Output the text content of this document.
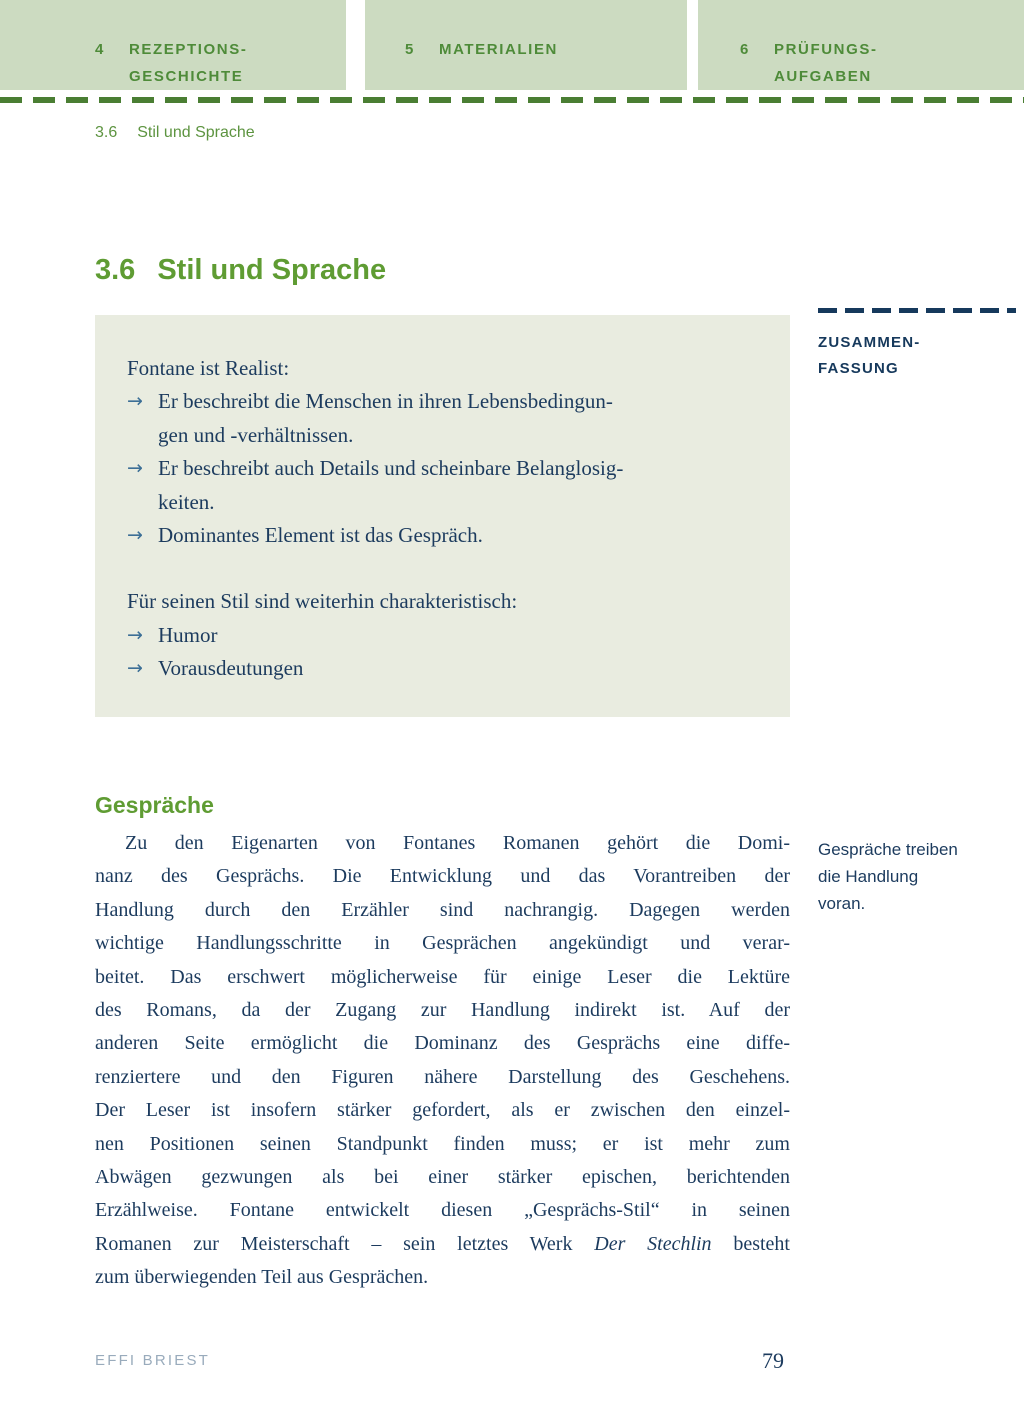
4	REZEPTIONS-
GESCHICHTE
5	MATERIALIEN	6	PRÜFUNGS-
AUFGABEN
3.6 Stil und Sprache
3.6 Stil und Sprache
Fontane ist Realist:
→ Er beschreibt die Menschen in ihren Lebensbedingun-
gen und -verhältnissen.
→ Er beschreibt auch Details und scheinbare Belanglosig-
keiten.
→ Dominantes Element ist das Gespräch.
Für seinen Stil sind weiterhin charakteristisch:
→ Humor
→ Vorausdeutungen
ZUSAMMEN-
FASSUNG
Gespräche
Zu den Eigenarten von Fontanes Romanen gehört die Domi-
nanz des Gesprächs. Die Entwicklung und das Vorantreiben der
Handlung durch den Erzähler sind nachrangig. Dagegen werden
wichtige Handlungsschritte in Gesprächen angekündigt und verar-
beitet. Das erschwert möglicherweise für einige Leser die Lektüre
des Romans, da der Zugang zur Handlung indirekt ist. Auf der
anderen Seite ermöglicht die Dominanz des Gesprächs eine diffe-
renziertere und den Figuren nähere Darstellung des Geschehens.
Der Leser ist insofern stärker gefordert, als er zwischen den einzel-
nen Positionen seinen Standpunkt finden muss; er ist mehr zum
Abwägen gezwungen als bei einer stärker epischen, berichtenden
Erzählweise. Fontane entwickelt diesen „Gesprächs-Stil“ in seinen
Romanen zur Meisterschaft – sein letztes Werk Der Stechlin besteht
zum überwiegenden Teil aus Gesprächen.
Gespräche treiben
die Handlung
voran.
EFFI BRIEST	79
